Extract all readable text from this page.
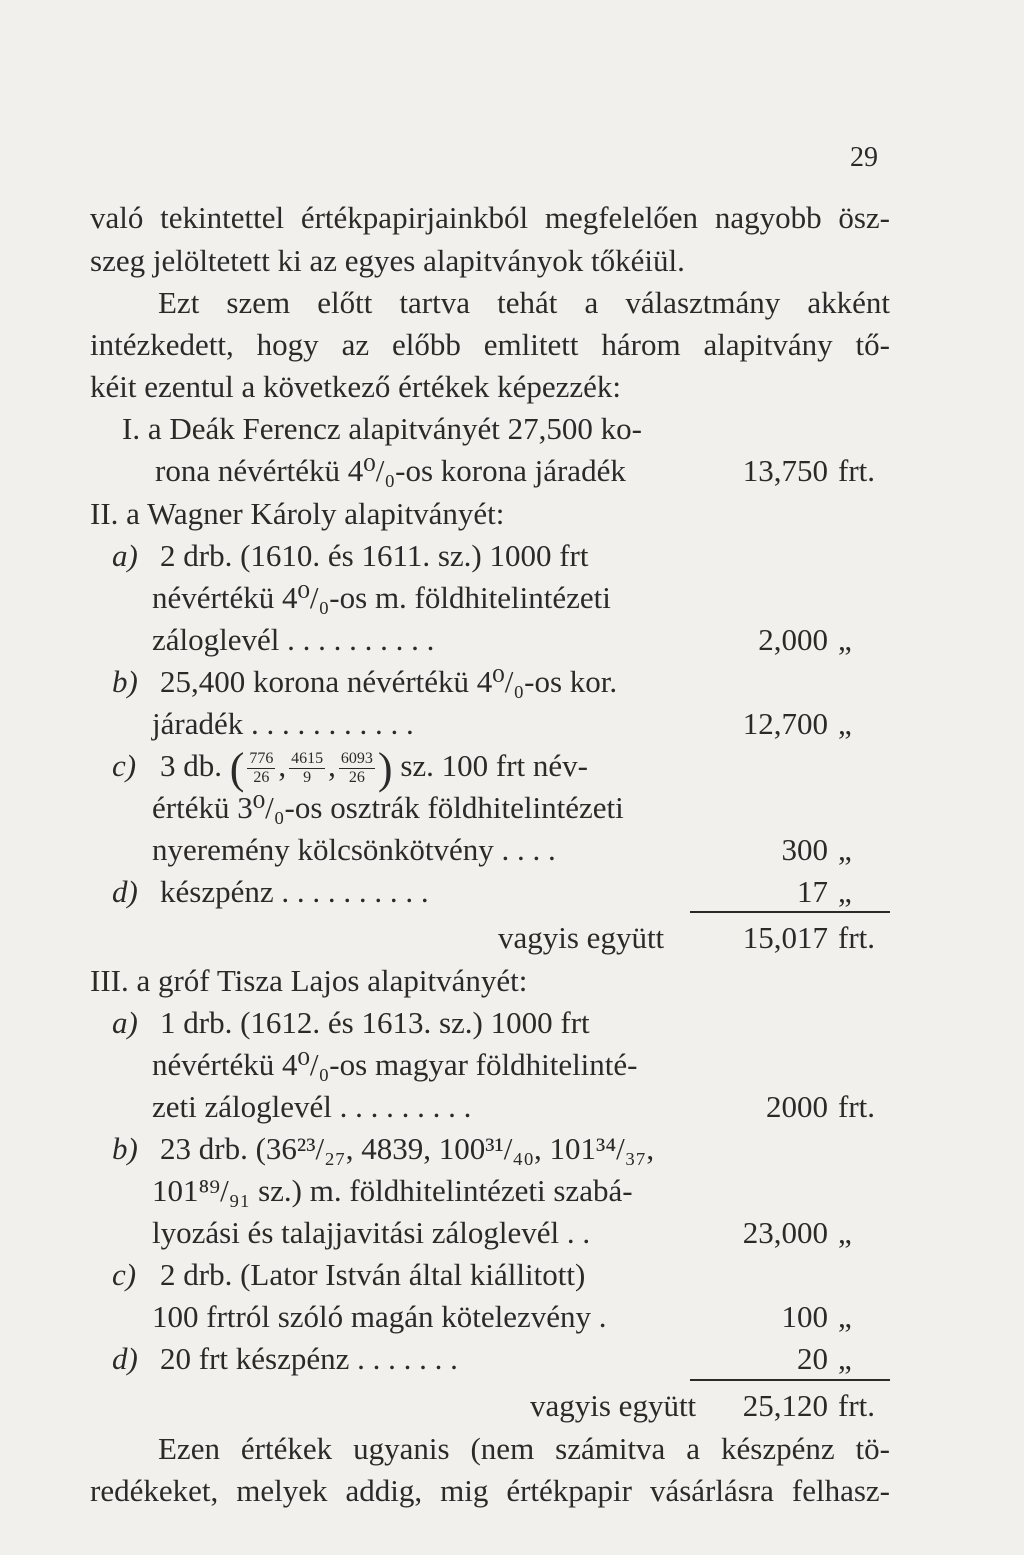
29
való tekintettel értékpapirjainkból megfelelően nagyobb ösz-
szeg jelöltetett ki az egyes alapitványok tőkéiül.
Ezt szem előtt tartva tehát a választmány akként
intézkedett, hogy az előbb emlitett három alapitvány tő-
kéit ezentul a következő értékek képezzék:
I. a Deák Ferencz alapitványét 27,500 ko-
rona névértékü 4⁰/₀-os korona járadék	13,750 frt.
II. a Wagner Károly alapitványét:
a) 2 drb. (1610. és 1611. sz.) 1000 frt
névértékü 4⁰/₀-os m. földhitelintézeti
záloglevél . . . . . . . . . .	2,000 „
b) 25,400 korona névértékü 4⁰/₀-os kor.
járadék . . . . . . . . . . .	12,700 „
c) 3 db. ( $\frac{776}{26}$ , $\frac{4615}{9}$ , $\frac{6093}{26}$ ) sz. 100 frt név-
értékü 3⁰/₀-os osztrák földhitelintézeti
nyeremény kölcsönkötvény . . . .	300 „
d) készpénz . . . . . . . . . .	17 „
vagyis együtt	15,017 frt.
III. a gróf Tisza Lajos alapitványét:
a) 1 drb. (1612. és 1613. sz.) 1000 frt
névértékü 4⁰/₀-os magyar földhitelinté-
zeti záloglevél . . . . . . . . .	2000 frt.
b) 23 drb. (36²³/₂₇, 4839, 100³¹/₄₀, 101³⁴/₃₇,
101⁸⁹/₉₁ sz.) m. földhitelintézeti szabá-
lyozási és talajjavitási záloglevél . .	23,000 „
c) 2 drb. (Lator István által kiállitott)
100 frtról szóló magán kötelezvény .	100 „
d) 20 frt készpénz . . . . . . .	20 „
vagyis együtt 25,120 frt.
Ezen értékek ugyanis (nem számitva a készpénz tö-
redékeket, melyek addig, mig értékpapir vásárlásra felhasz-
